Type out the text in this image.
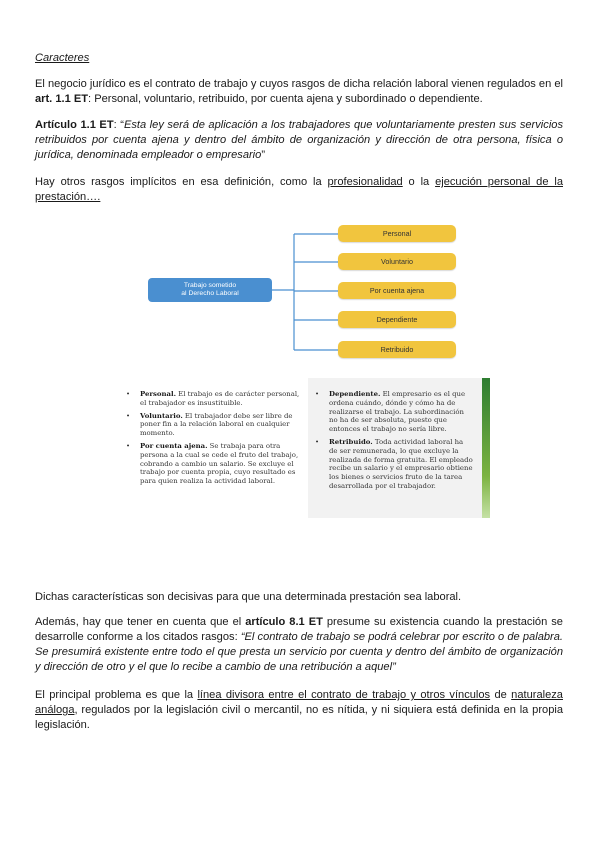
Caracteres
El negocio jurídico es el contrato de trabajo y cuyos rasgos de dicha relación laboral vienen regulados en el art. 1.1 ET: Personal, voluntario, retribuido, por cuenta ajena y subordinado o dependiente.
Artículo 1.1 ET: “Esta ley será de aplicación a los trabajadores que voluntariamente presten sus servicios retribuidos por cuenta ajena y dentro del ámbito de organización y dirección de otra persona, física o jurídica, denominada empleador o empresario”
Hay otros rasgos implícitos en esa definición, como la profesionalidad o la ejecución personal de la prestación….
Trabajo sometido
al Derecho Laboral
Personal
Voluntario
Por cuenta ajena
Dependiente
Retribuido
• Personal. El trabajo es de carácter personal, el trabajador es insustituible.
• Voluntario. El trabajador debe ser libre de poner fin a la relación laboral en cualquier momento.
• Por cuenta ajena. Se trabaja para otra persona a la cual se cede el fruto del trabajo, cobrando a cambio un salario. Se excluye el trabajo por cuenta propia, cuyo resultado es para quien realiza la actividad laboral.
• Dependiente. El empresario es el que ordena cuándo, dónde y cómo ha de realizarse el trabajo. La subordinación no ha de ser absoluta, puesto que entonces el trabajo no sería libre.
• Retribuido. Toda actividad laboral ha de ser remunerada, lo que excluye la realizada de forma gratuita. El empleado recibe un salario y el empresario obtiene los bienes o servicios fruto de la tarea desarrollada por el trabajador.
Dichas características son decisivas para que una determinada prestación sea laboral.
Además, hay que tener en cuenta que el artículo 8.1 ET presume su existencia cuando la prestación se desarrolle conforme a los citados rasgos: “El contrato de trabajo se podrá celebrar por escrito o de palabra. Se presumirá existente entre todo el que presta un servicio por cuenta y dentro del ámbito de organización y dirección de otro y el que lo recibe a cambio de una retribución a aquel”
El principal problema es que la línea divisora entre el contrato de trabajo y otros vínculos de naturaleza análoga, regulados por la legislación civil o mercantil, no es nítida, y ni siquiera está definida en la propia legislación.
